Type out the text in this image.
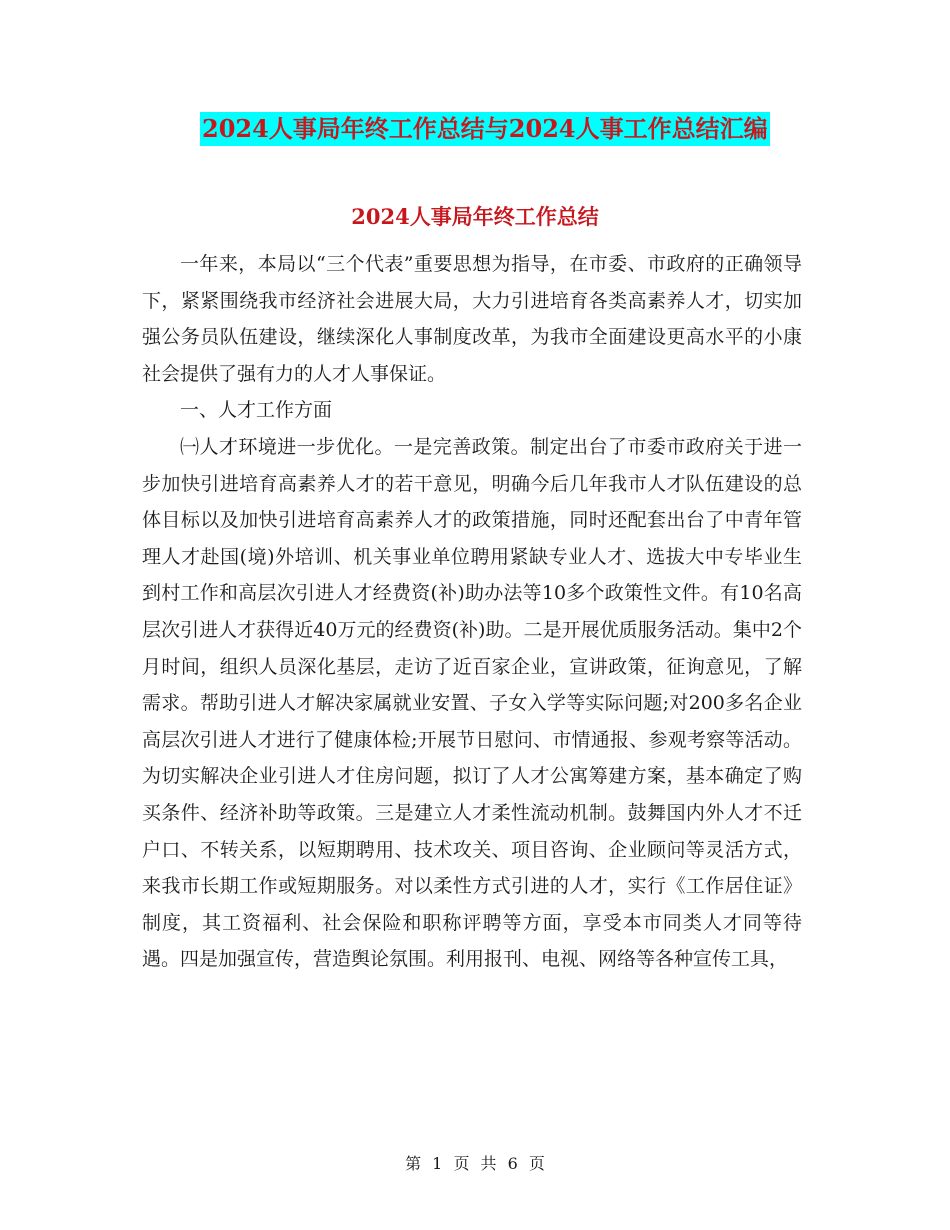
2024人事局年终工作总结与2024人事工作总结汇编
2024人事局年终工作总结

一年来，本局以“三个代表”重要思想为指导，在市委、市政府的正确领导下，紧紧围绕我市经济社会进展大局，大力引进培育各类高素养人才，切实加强公务员队伍建设，继续深化人事制度改革，为我市全面建设更高水平的小康社会提供了强有力的人才人事保证。

一、人才工作方面

㈠人才环境进一步优化。一是完善政策。制定出台了市委市政府关于进一步加快引进培育高素养人才的若干意见，明确今后几年我市人才队伍建设的总体目标以及加快引进培育高素养人才的政策措施，同时还配套出台了中青年管理人才赴国(境)外培训、机关事业单位聘用紧缺专业人才、选拔大中专毕业生到村工作和高层次引进人才经费资(补)助办法等10多个政策性文件。有10名高层次引进人才获得近40万元的经费资(补)助。二是开展优质服务活动。集中2个月时间，组织人员深化基层，走访了近百家企业，宣讲政策，征询意见，了解需求。帮助引进人才解决家属就业安置、子女入学等实际问题;对200多名企业高层次引进人才进行了健康体检;开展节日慰问、市情通报、参观考察等活动。为切实解决企业引进人才住房问题，拟订了人才公寓筹建方案，基本确定了购买条件、经济补助等政策。三是建立人才柔性流动机制。鼓舞国内外人才不迁户口、不转关系，以短期聘用、技术攻关、项目咨询、企业顾问等灵活方式，来我市长期工作或短期服务。对以柔性方式引进的人才，实行《工作居住证》制度，其工资福利、社会保险和职称评聘等方面，享受本市同类人才同等待遇。四是加强宣传，营造舆论氛围。利用报刊、电视、网络等各种宣传工具，

第 1 页 共 6 页
